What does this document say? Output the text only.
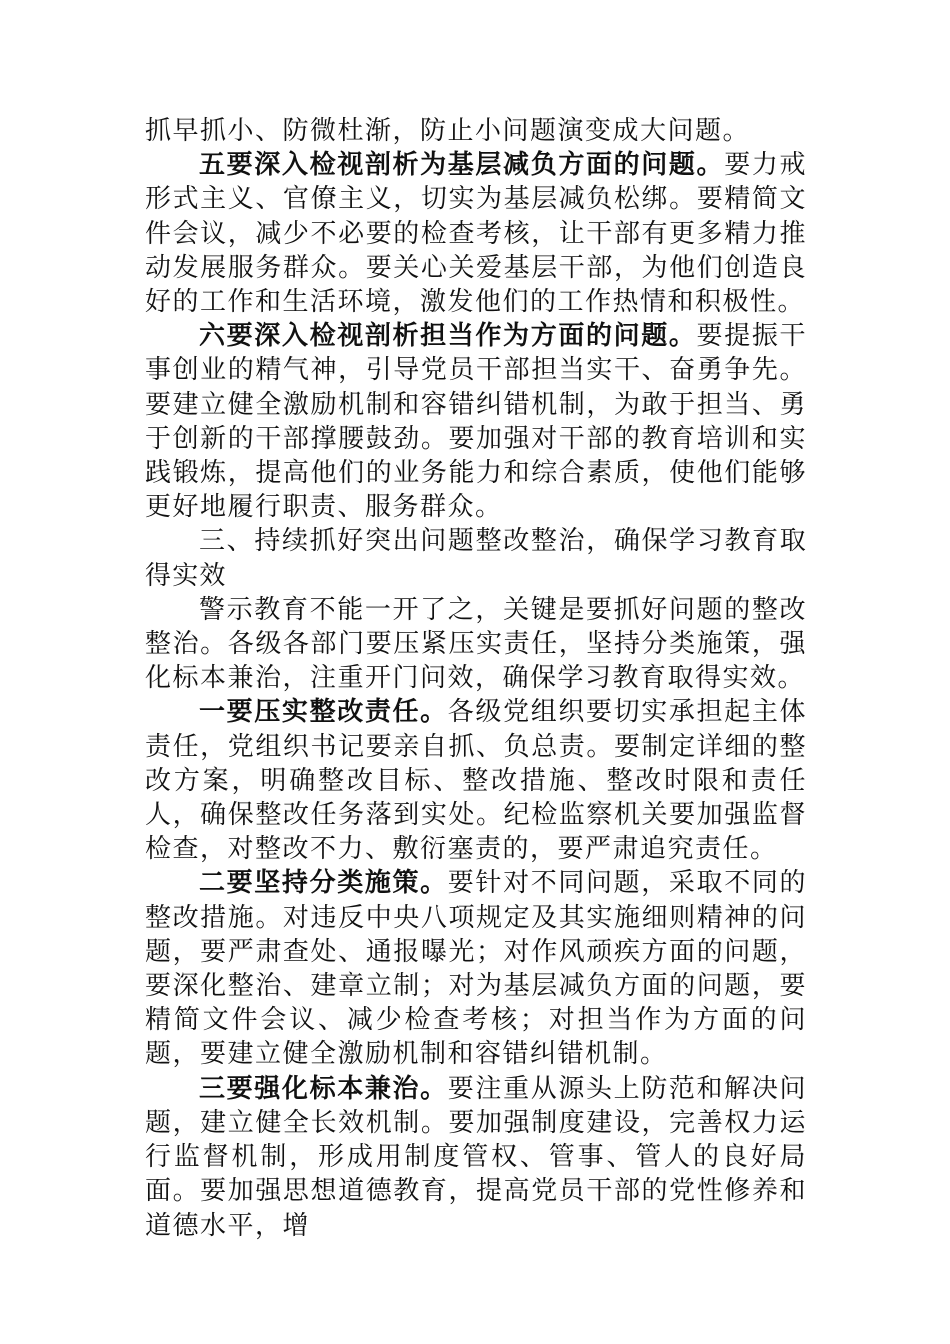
抓早抓小、防微杜渐，防止小问题演变成大问题。

五要深入检视剖析为基层减负方面的问题。要力戒形式主义、官僚主义，切实为基层减负松绑。要精简文件会议，减少不必要的检查考核，让干部有更多精力推动发展服务群众。要关心关爱基层干部，为他们创造良好的工作和生活环境，激发他们的工作热情和积极性。

六要深入检视剖析担当作为方面的问题。要提振干事创业的精气神，引导党员干部担当实干、奋勇争先。要建立健全激励机制和容错纠错机制，为敢于担当、勇于创新的干部撑腰鼓劲。要加强对干部的教育培训和实践锻炼，提高他们的业务能力和综合素质，使他们能够更好地履行职责、服务群众。

三、持续抓好突出问题整改整治，确保学习教育取得实效

警示教育不能一开了之，关键是要抓好问题的整改整治。各级各部门要压紧压实责任，坚持分类施策，强化标本兼治，注重开门问效，确保学习教育取得实效。

一要压实整改责任。各级党组织要切实承担起主体责任，党组织书记要亲自抓、负总责。要制定详细的整改方案，明确整改目标、整改措施、整改时限和责任人，确保整改任务落到实处。纪检监察机关要加强监督检查，对整改不力、敷衍塞责的，要严肃追究责任。

二要坚持分类施策。要针对不同问题，采取不同的整改措施。对违反中央八项规定及其实施细则精神的问题，要严肃查处、通报曝光；对作风顽疾方面的问题，要深化整治、建章立制；对为基层减负方面的问题，要精简文件会议、减少检查考核；对担当作为方面的问题，要建立健全激励机制和容错纠错机制。

三要强化标本兼治。要注重从源头上防范和解决问题，建立健全长效机制。要加强制度建设，完善权力运行监督机制，形成用制度管权、管事、管人的良好局面。要加强思想道德教育，提高党员干部的党性修养和道德水平，增
